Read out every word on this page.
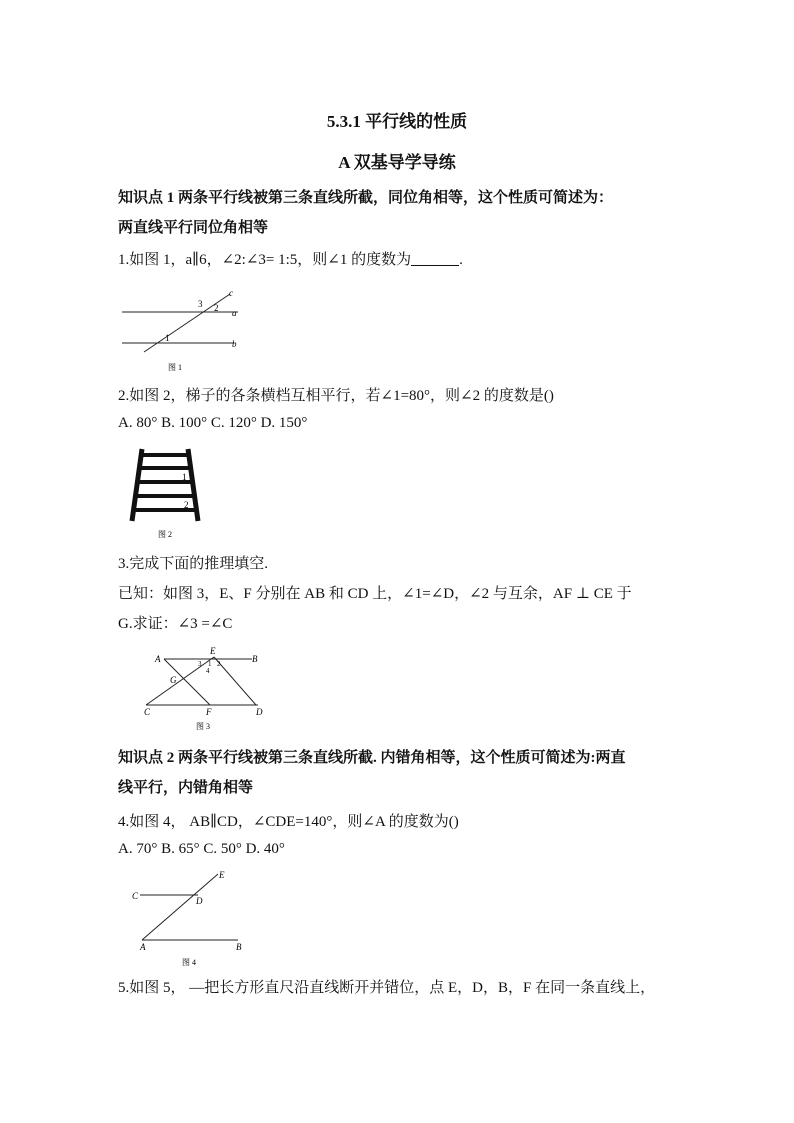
5.3.1 平行线的性质
A 双基导学导练
知识点 1 两条平行线被第三条直线所截，同位角相等，这个性质可简述为：
两直线平行同位角相等
1.如图 1，a∥6，∠2:∠3= 1:5，则∠1 的度数为	.
c
a
b
3 2
1
图 1
2.如图 2，梯子的各条横档互相平行，若∠1=80°，则∠2 的度数是()
A. 80° B. 100° C. 120° D. 150°
1
2
图 2
3.完成下面的推理填空.
已知：如图 3，E、F 分别在 AB 和 CD 上，∠1=∠D，∠2 与互余，AF ⊥ CE 于
G.求证：∠3 =∠C
A	B
E
C	F	D
G
3 1 2
4
图 3
知识点 2 两条平行线被第三条直线所截. 内错角相等，这个性质可简述为:两直
线平行，内错角相等
4.如图 4， AB∥CD，∠CDE=140°，则∠A 的度数为()
A. 70° B. 65° C. 50° D. 40°
C	D
E
A	B
图 4
5.如图 5， —把长方形直尺沿直线断开并错位，点 E，D，B，F 在同一条直线上，
